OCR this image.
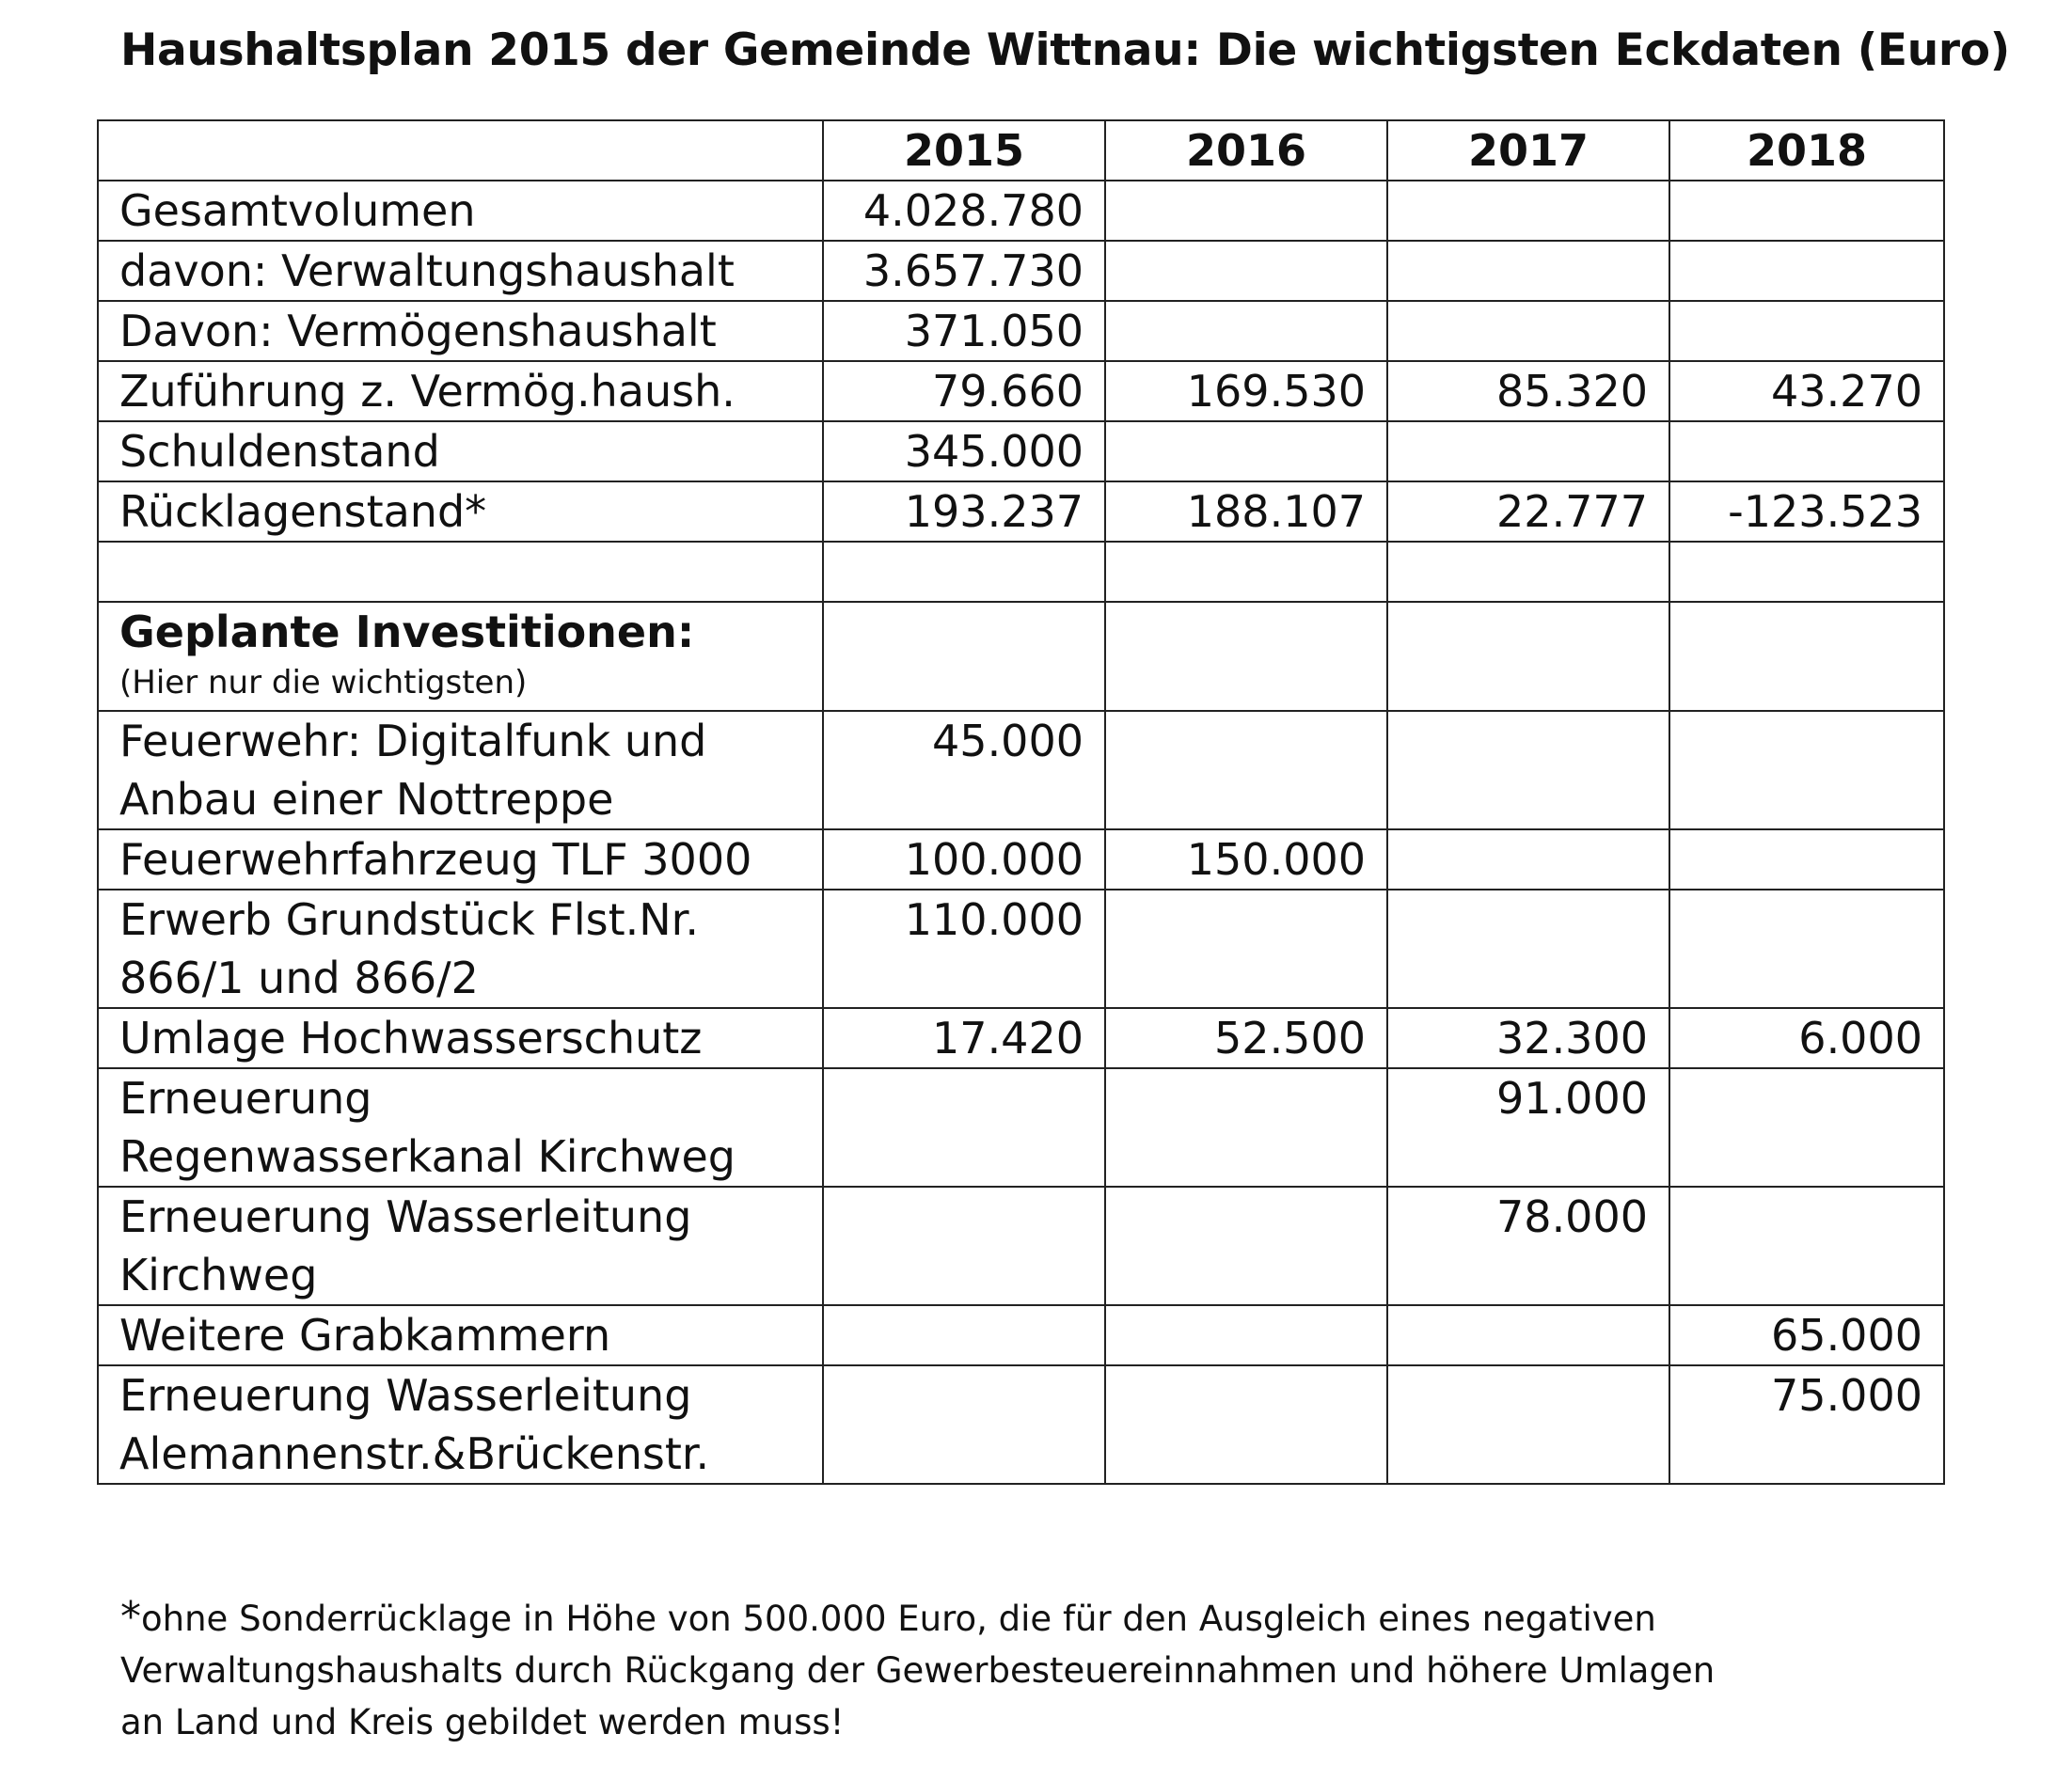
Haushaltsplan 2015 der Gemeinde Wittnau: Die wichtigsten Eckdaten (Euro)
	2015	2016	2017	2018
Gesamtvolumen	4.028.780			
davon: Verwaltungshaushalt	3.657.730			
Davon: Vermögenshaushalt	371.050			
Zuführung z. Vermög.haush.	79.660	169.530	85.320	43.270
Schuldenstand	345.000			
Rücklagenstand*	193.237	188.107	22.777	-123.523

Geplante Investitionen:
(Hier nur die wichtigsten)				

Feuerwehr: Digitalfunk und
Anbau einer Nottreppe	45.000			
Feuerwehrfahrzeug TLF 3000	100.000	150.000		
Erwerb Grundstück Flst.Nr.
866/1 und 866/2	110.000			
Umlage Hochwasserschutz	17.420	52.500	32.300	6.000
Erneuerung
Regenwasserkanal Kirchweg			91.000	
Erneuerung Wasserleitung
Kirchweg			78.000	
Weitere Grabkammern				65.000
Erneuerung Wasserleitung
Alemannenstr.&Brückenstr.				75.000
*ohne Sonderrücklage in Höhe von 500.000 Euro, die für den Ausgleich eines negativen
Verwaltungshaushalts durch Rückgang der Gewerbesteuereinnahmen und höhere Umlagen
an Land und Kreis gebildet werden muss!
